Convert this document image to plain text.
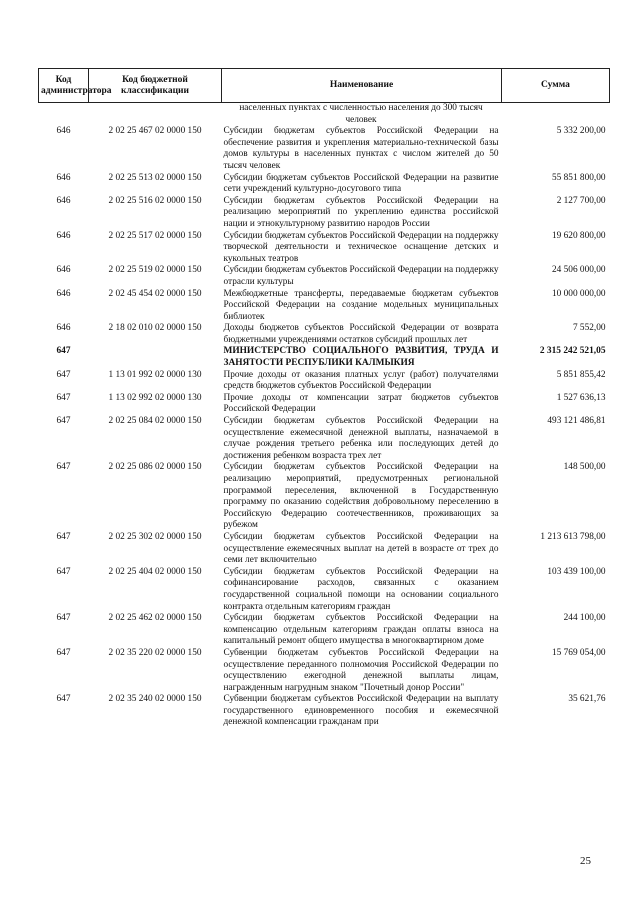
Код администратора	Код бюджетной классификации	Наименование	Сумма
		населенных пунктах с численностью населения до 300 тысяч человек	
646	2 02 25 467 02 0000 150	Субсидии бюджетам субъектов Российской Федерации на обеспечение развития и укрепления материально-технической базы домов культуры в населенных пунктах с числом жителей до 50 тысяч человек	5 332 200,00
646	2 02 25 513 02 0000 150	Субсидии бюджетам субъектов Российской Федерации на развитие сети учреждений культурно-досугового типа	55 851 800,00
646	2 02 25 516 02 0000 150	Субсидии бюджетам субъектов Российской Федерации на реализацию мероприятий по укреплению единства российской нации и этнокультурному развитию народов России	2 127 700,00
646	2 02 25 517 02 0000 150	Субсидии бюджетам субъектов Российской Федерации на поддержку творческой деятельности и техническое оснащение детских и кукольных театров	19 620 800,00
646	2 02 25 519 02 0000 150	Субсидии бюджетам субъектов Российской Федерации на поддержку отрасли культуры	24 506 000,00
646	2 02 45 454 02 0000 150	Межбюджетные трансферты, передаваемые бюджетам субъектов Российской Федерации на создание модельных муниципальных библиотек	10 000 000,00
646	2 18 02 010 02 0000 150	Доходы бюджетов субъектов Российской Федерации от возврата бюджетными учреждениями остатков субсидий прошлых лет	7 552,00
647		МИНИСТЕРСТВО СОЦИАЛЬНОГО РАЗВИТИЯ, ТРУДА И ЗАНЯТОСТИ РЕСПУБЛИКИ КАЛМЫКИЯ	2 315 242 521,05
647	1 13 01 992 02 0000 130	Прочие доходы от оказания платных услуг (работ) получателями средств бюджетов субъектов Российской Федерации	5 851 855,42
647	1 13 02 992 02 0000 130	Прочие доходы от компенсации затрат бюджетов субъектов Российской Федерации	1 527 636,13
647	2 02 25 084 02 0000 150	Субсидии бюджетам субъектов Российской Федерации на осуществление ежемесячной денежной выплаты, назначаемой в случае рождения третьего ребенка или последующих детей до достижения ребенком возраста трех лет	493 121 486,81
647	2 02 25 086 02 0000 150	Субсидии бюджетам субъектов Российской Федерации на реализацию мероприятий, предусмотренных региональной программой переселения, включенной в Государственную программу по оказанию содействия добровольному переселению в Российскую Федерацию соотечественников, проживающих за рубежом	148 500,00
647	2 02 25 302 02 0000 150	Субсидии бюджетам субъектов Российской Федерации на осуществление ежемесячных выплат на детей в возрасте от трех до семи лет включительно	1 213 613 798,00
647	2 02 25 404 02 0000 150	Субсидии бюджетам субъектов Российской Федерации на софинансирование расходов, связанных с оказанием государственной социальной помощи на основании социального контракта отдельным категориям граждан	103 439 100,00
647	2 02 25 462 02 0000 150	Субсидии бюджетам субъектов Российской Федерации на компенсацию отдельным категориям граждан оплаты взноса на капитальный ремонт общего имущества в многоквартирном доме	244 100,00
647	2 02 35 220 02 0000 150	Субвенции бюджетам субъектов Российской Федерации на осуществление переданного полномочия Российской Федерации по осуществлению ежегодной денежной выплаты лицам, награжденным нагрудным знаком "Почетный донор России"	15 769 054,00
647	2 02 35 240 02 0000 150	Субвенции бюджетам субъектов Российской Федерации на выплату государственного единовременного пособия и ежемесячной денежной компенсации гражданам при	35 621,76
25
